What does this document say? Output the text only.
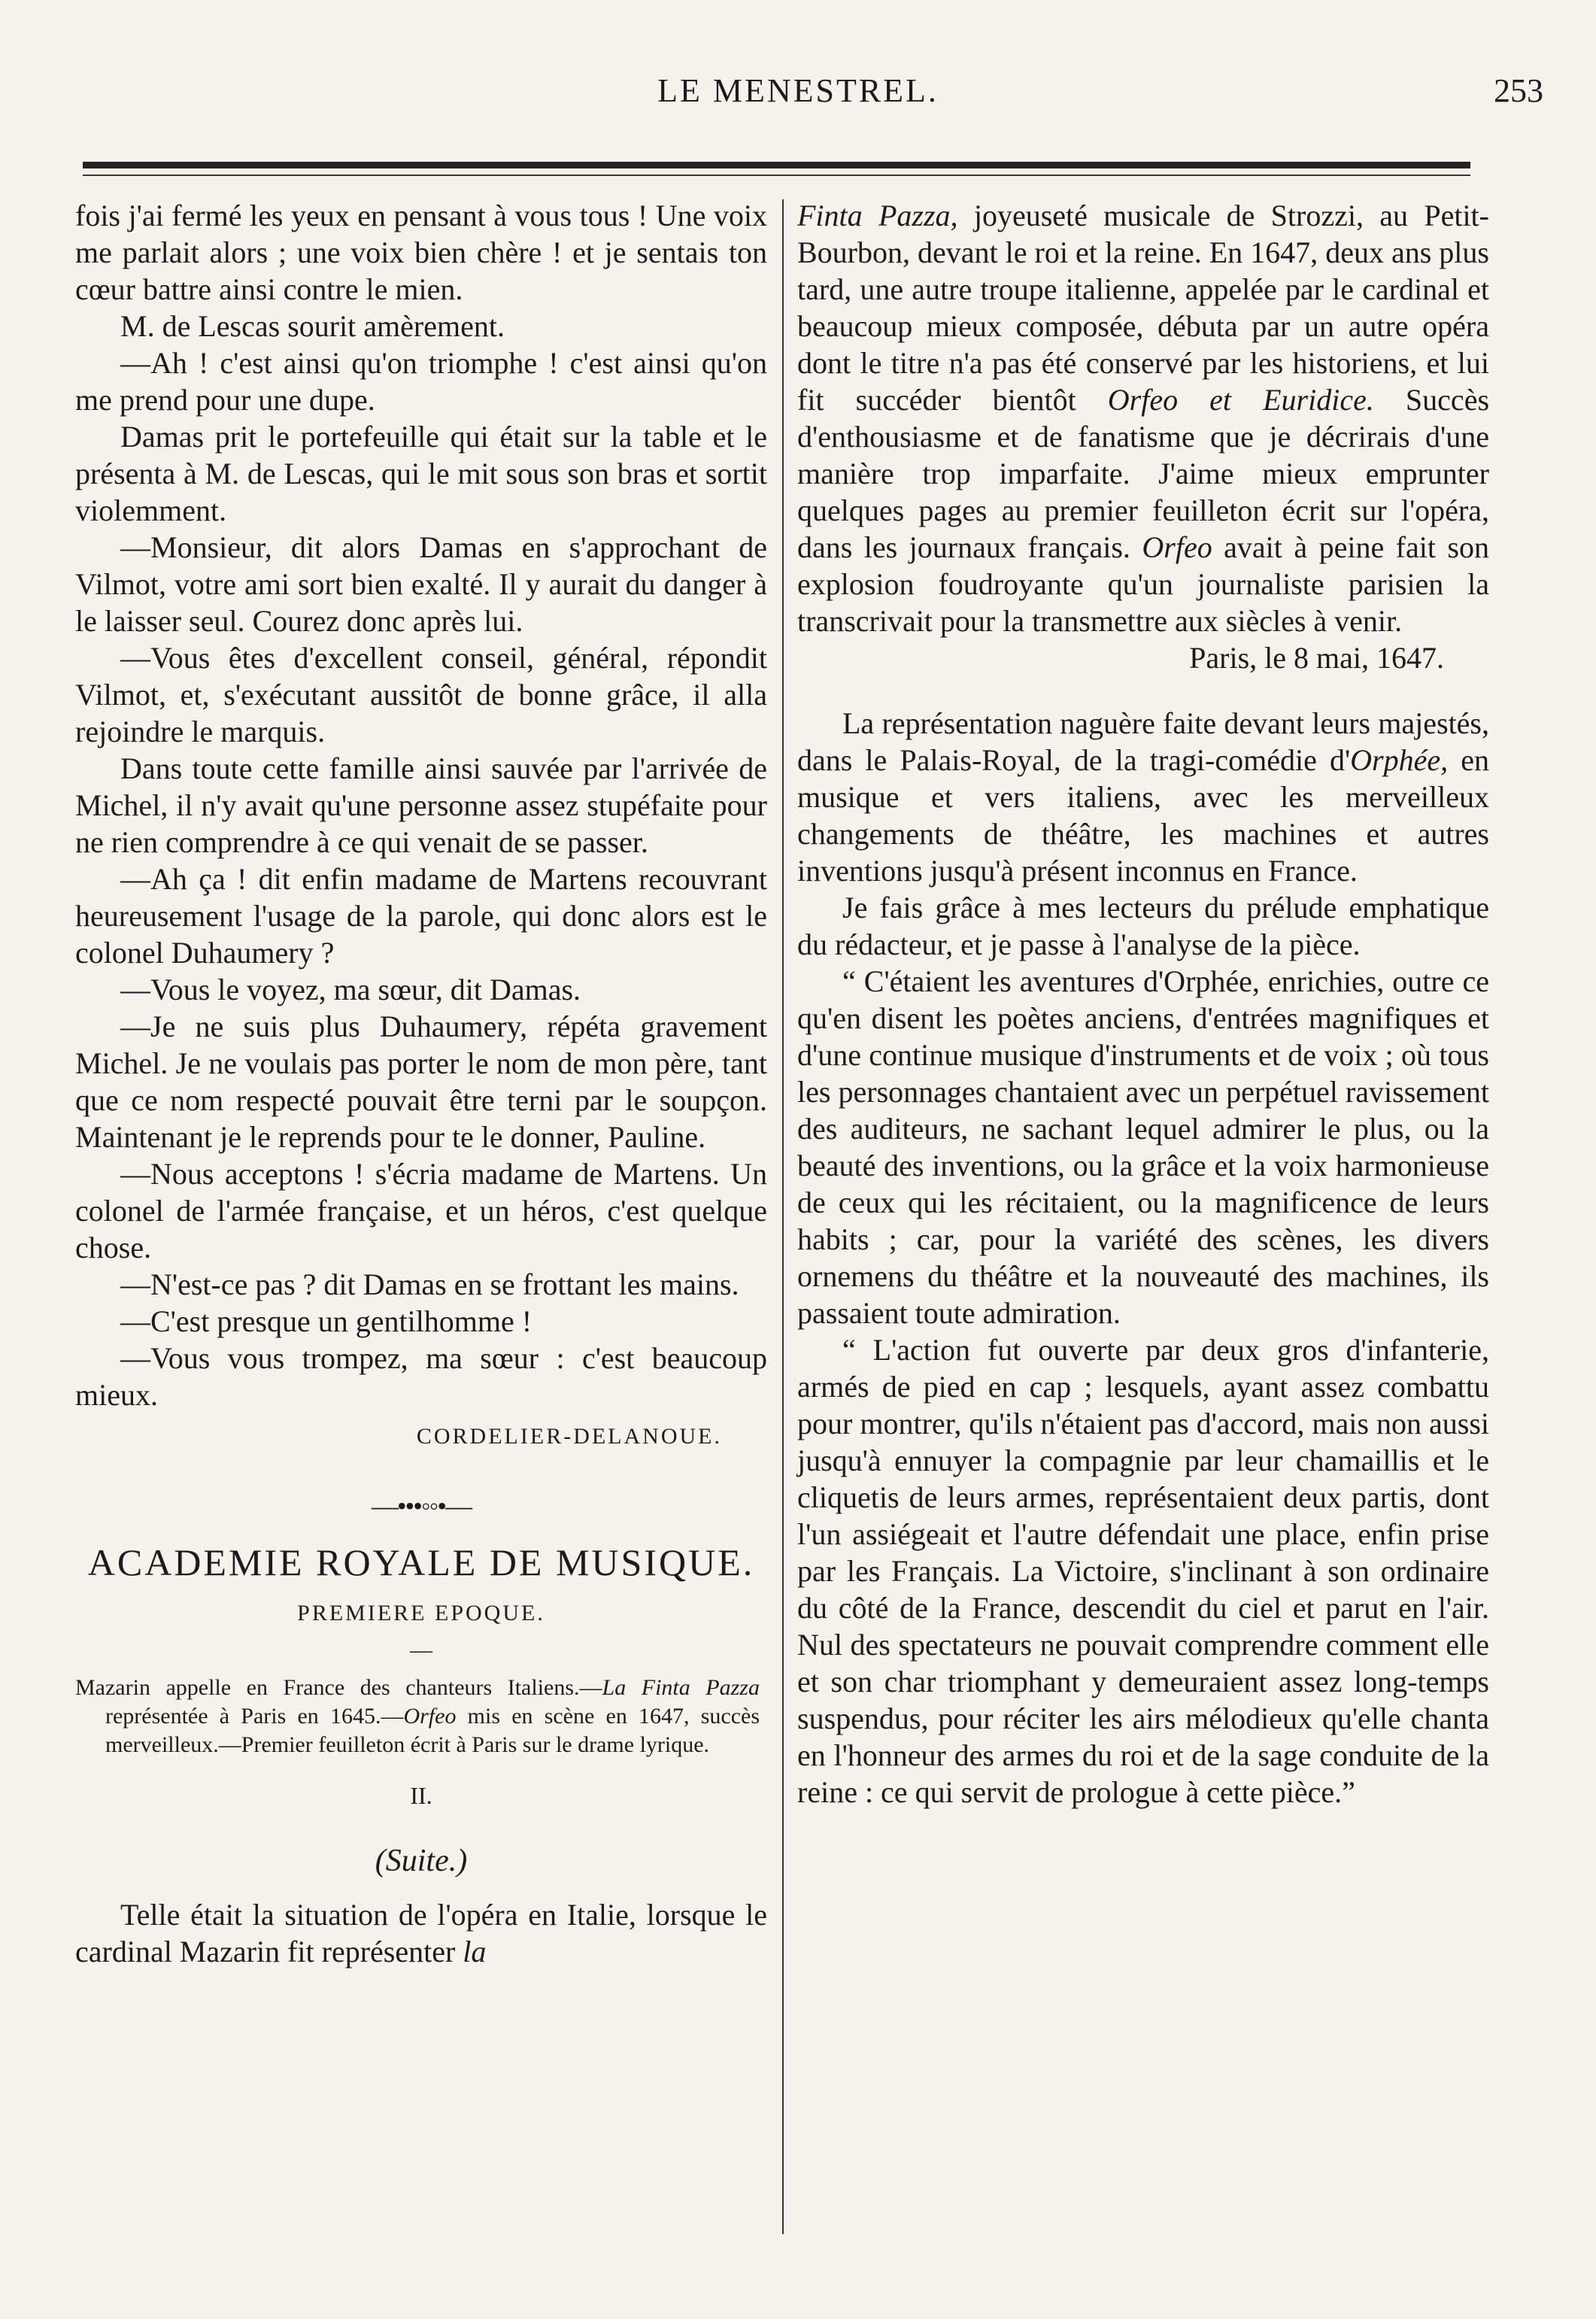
LE MENESTREL.	253

fois j'ai fermé les yeux en pensant à vous tous ! Une voix me parlait alors ; une voix bien chère ! et je sentais ton cœur battre ainsi contre le mien.

M. de Lescas sourit amèrement.

—Ah ! c'est ainsi qu'on triomphe ! c'est ainsi qu'on me prend pour une dupe.

Damas prit le portefeuille qui était sur la table et le présenta à M. de Lescas, qui le mit sous son bras et sortit violemment.

—Monsieur, dit alors Damas en s'approchant de Vilmot, votre ami sort bien exalté. Il y aurait du danger à le laisser seul. Courez donc après lui.

—Vous êtes d'excellent conseil, général, répondit Vilmot, et, s'exécutant aussitôt de bonne grâce, il alla rejoindre le marquis.

Dans toute cette famille ainsi sauvée par l'arrivée de Michel, il n'y avait qu'une personne assez stupéfaite pour ne rien comprendre à ce qui venait de se passer.

—Ah ça ! dit enfin madame de Martens recouvrant heureusement l'usage de la parole, qui donc alors est le colonel Duhaumery ?

—Vous le voyez, ma sœur, dit Damas.

—Je ne suis plus Duhaumery, répéta gravement Michel. Je ne voulais pas porter le nom de mon père, tant que ce nom respecté pouvait être terni par le soupçon. Maintenant je le reprends pour te le donner, Pauline.

—Nous acceptons ! s'écria madame de Martens. Un colonel de l'armée française, et un héros, c'est quelque chose.

—N'est-ce pas ? dit Damas en se frottant les mains.

—C'est presque un gentilhomme !

—Vous vous trompez, ma sœur : c'est beaucoup mieux.

CORDELIER-DELANOUE.

—•••◦◦•—

ACADEMIE ROYALE DE MUSIQUE.

PREMIERE EPOQUE.

—

Mazarin appelle en France des chanteurs Italiens.—La Finta Pazza représentée à Paris en 1645.—Orfeo mis en scène en 1647, succès merveilleux.—Premier feuilleton écrit à Paris sur le drame lyrique.

II.

(Suite.)

Telle était la situation de l'opéra en Italie, lorsque le cardinal Mazarin fit représenter la

Finta Pazza, joyeuseté musicale de Strozzi, au Petit-Bourbon, devant le roi et la reine. En 1647, deux ans plus tard, une autre troupe italienne, appelée par le cardinal et beaucoup mieux composée, débuta par un autre opéra dont le titre n'a pas été conservé par les historiens, et lui fit succéder bientôt Orfeo et Euridice. Succès d'enthousiasme et de fanatisme que je décrirais d'une manière trop imparfaite. J'aime mieux emprunter quelques pages au premier feuilleton écrit sur l'opéra, dans les journaux français. Orfeo avait à peine fait son explosion foudroyante qu'un journaliste parisien la transcrivait pour la transmettre aux siècles à venir.

Paris, le 8 mai, 1647.

La représentation naguère faite devant leurs majestés, dans le Palais-Royal, de la tragi-comédie d'Orphée, en musique et vers italiens, avec les merveilleux changements de théâtre, les machines et autres inventions jusqu'à présent inconnus en France.

Je fais grâce à mes lecteurs du prélude emphatique du rédacteur, et je passe à l'analyse de la pièce.

“ C'étaient les aventures d'Orphée, enrichies, outre ce qu'en disent les poètes anciens, d'entrées magnifiques et d'une continue musique d'instruments et de voix ; où tous les personnages chantaient avec un perpétuel ravissement des auditeurs, ne sachant lequel admirer le plus, ou la beauté des inventions, ou la grâce et la voix harmonieuse de ceux qui les récitaient, ou la magnificence de leurs habits ; car, pour la variété des scènes, les divers ornemens du théâtre et la nouveauté des machines, ils passaient toute admiration.

“ L'action fut ouverte par deux gros d'infanterie, armés de pied en cap ; lesquels, ayant assez combattu pour montrer, qu'ils n'étaient pas d'accord, mais non aussi jusqu'à ennuyer la compagnie par leur chamaillis et le cliquetis de leurs armes, représentaient deux partis, dont l'un assiégeait et l'autre défendait une place, enfin prise par les Français. La Victoire, s'inclinant à son ordinaire du côté de la France, descendit du ciel et parut en l'air. Nul des spectateurs ne pouvait comprendre comment elle et son char triomphant y demeuraient assez long-temps suspendus, pour réciter les airs mélodieux qu'elle chanta en l'honneur des armes du roi et de la sage conduite de la reine : ce qui servit de prologue à cette pièce.”
